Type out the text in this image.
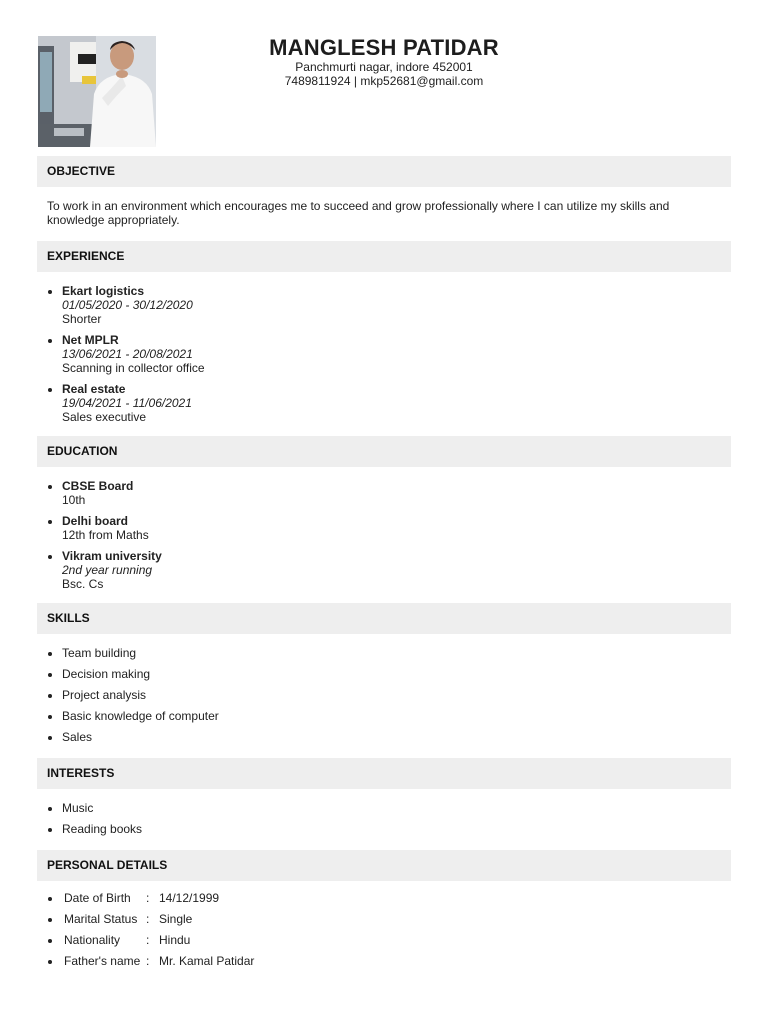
MANGLESH PATIDAR
Panchmurti nagar, indore 452001
7489811924 | mkp52681@gmail.com
OBJECTIVE
To work in an environment which encourages me to succeed and grow professionally where I can utilize my skills and knowledge appropriately.
EXPERIENCE
Ekart logistics
01/05/2020 - 30/12/2020
Shorter
Net MPLR
13/06/2021 - 20/08/2021
Scanning in collector office
Real estate
19/04/2021 - 11/06/2021
Sales executive
EDUCATION
CBSE Board
10th
Delhi board
12th from Maths
Vikram university
2nd year running
Bsc. Cs
SKILLS
Team building
Decision making
Project analysis
Basic knowledge of computer
Sales
INTERESTS
Music
Reading books
PERSONAL DETAILS
Date of Birth : 14/12/1999
Marital Status : Single
Nationality : Hindu
Father's name : Mr. Kamal Patidar
